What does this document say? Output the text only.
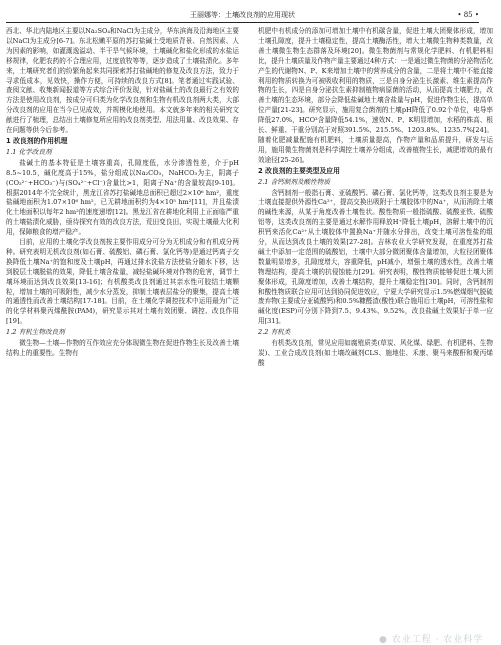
王丽娜等：土壤改良剂的应用现状	• 85 •

西北、华北内陆地区主要以Na₂SO₄和NaCl为主成分，华东滨海及沿海地区主要以NaCl为主成分[6-7]。东北松嫩平原的苏打盐碱土受地质背景、自然因素、人为因素的影响，如灌溉逸溢动、半干旱气候环境，土壤碱化和盐化形成的水盐运移规律，化肥农药的不合理应用，过度放牧等等，逐步造成了土壤盐渍化。多年来，土壤研究者们的纷繁角起来共同探索苏打盐碱地的修复及改良方法，致力于寻求低成本，见效快，操作方便，可持续的改良方式[8]。笔者通过实践试验、查阅文献、收集新闻报道等方式综合评价发现，针对盐碱土的改良最行之有效的方法是使用改良剂，按成分可归类为化学改良剂和生物有机改良剂两大类，大部分改良剂的应用在当今已见成效，并规模化地使用。本文就多年来的相关研究文献进行了梳理，总结出土壤修复所应用的改良剂类型、用法用量、改良效果、存在问题等供今后参考。

1 改良剂的作用机理
1.1 化学改良剂

盐碱土的基本特征是土壤容重高，孔隙度低，水分渗透性差，介于pH 8.5~10.5，碱化度高于15%，盐分组成以Na₂CO₃，NaHCO₃为主，阴离子(CO₃²⁻+HCO₃⁻)与(SO₄²⁻+Cl⁻)含量比>1，阳离子Na⁺的含量较高[9-10]。根据2014年不完全统计，黑龙江省苏打盐碱地总面积已超过2×10⁶ hm²，重度盐碱地面积为1.07×10⁶ hm²，已无耕地面积约为4×10⁵ hm²[11]，并且盐渍化土地面积以每年2 hm²的速度递增[12]。黑龙江省在耕地化利用上正面临严重的土壤盐渍化威胁，亟待探究有效的改良方法，荒田变良田，实现土壤最大化利用，保障粮食的增产稳产。

目前，应用的土壤化学改良剂按主要作用成分可分为无机成分和有机成分两种。研究表明无机改良剂(如石膏、硫酸铝、磷石膏、氯化钙等)是通过钙离子交换降低土壤Na⁺的饱和度及土壤pH，再通过排水洗盐方法使盐分随水下移，达到脱层土壤脱盐的效果，降低土壤含盐量，减轻盐碱环境对作物的危害，调节土壤环境而达到改良效果[13-16]；有机酸类改良剂通过其亲水性可胶结土壤颗粒，增加土壤的可吸附性，减少水分蒸发，抑制土壤表层盐分的聚集，提高土壤的通透性而改善土壤结构[17-18]。目前，在土壤化学调控技术中运用最为广泛的化学材料聚丙烯酰胺(PAM)，研究显示其对土壤有效团聚、调控、改良作用[19]。

1.2 有机生物改良剂

微生物—土壤—作物的互作效应充分体现微生物在促进作物生长及改善土壤结构上的重要性。生物有

机肥中有机成分的添加可增加土壤中有机碳含量，促进土壤大团聚体形成，增加土壤孔隙度，提升土壤稳定性，提高土壤酶活性，增大土壤微生物种类数量，改善土壤微生物生态群落及环境[20]。微生物菌剂与常规化学肥料、有机肥料相比，提升土壤质量及作物产量主要通过4种方式：一是通过微生物菌的分泌物活化产生的代谢物N、P、K来增加土壤中的营养成分的含量，二是将土壤中不能直接利用的物质转换为可被吸收利用的物质，三是自身分泌生长激素、维生素提高作物的生长，四是自身分泌抗生素抑制植物病原菌的活动，从而提高土壤肥力，改善土壤的生态环境，部分会降低盐碱地土壤含盐量与pH，促进作物生长，提高单位产量[21-23]。研究显示，施用复合菌剂的土壤pH降低了0.92个单位，电导率降低27.0%，HCO³含量降低54.1%，速效N、P、K明显增加，水稻的株高、根长、鲜重、干重分别高于对照391.5%、215.5%、1203.8%、1235.7%[24]。随着化肥减量配施有机肥料，土壤质量提高，作物产量和品质提升，研发与运用，施用微生物菌剂是科学调控土壤养分组成，改善植物生长，减肥增效的最有效途径[25-26]。

2 改良剂的主要类型及应用
2.1 含钙制剂及酸性物质

含钙制剂一般指石膏、亚硫酸钙、磷石膏、氯化钙等，这类改良剂主要是为土壤直接提供外源性Ca²⁺，提高交换出吸附于土壤胶体中的Na⁺，从而消除土壤的碱性来源，从某于角度改善土壤性状。酸性物质一般指硫酸、硫酸亚铁、硫酸铝等，这类改良剂的主要是通过水解作用释放H⁺降低土壤pH，溶解土壤中的沉积钙来活化Ca²⁺从土壤胶体中置换Na⁺并随水分排出，改变土壤可溶性盐的组分，从而达到改良土壤的效果[27-28]。吉林农业大学研究发现，在重度苏打盐碱土中添加一定范围的硫酸铝，土壤中大部分微团聚体含量增加，大粒径团聚体数量明显增多，孔隙度增大，容重降低，pH减小，增强土壤的透水性，改善土壤物理结构，提高土壤的抗侵蚀能力[29]。研究表明，酸性物质能够促进土壤大团聚体形成，孔隙度增加，改善土壤结构，提升土壤稳定性[30]。同时，含钙制剂和酸性物质联合应用可达到协同促进效应，宁夏大学研究显示1.5%燃煤烟气脱硫废弃物(主要成分亚硫酸钙)和0.5%糠醛渣(酸性)联合施用后土壤pH，可溶性盐和碱化度(ESP)可分别下降到7.5、9.43%、9.52%，改良盐碱土效果好于单一应用[31]。

2.2 有机类

有机类改良剂，常见应用如腐殖质类(草炭、风化煤、绿肥、有机肥料、生物炭)、工业合成改良剂(如土壤改碱剂CLS、施地佳、禾康、聚马来酸酐和聚丙烯酸

● 农业工程 · 农业科学
